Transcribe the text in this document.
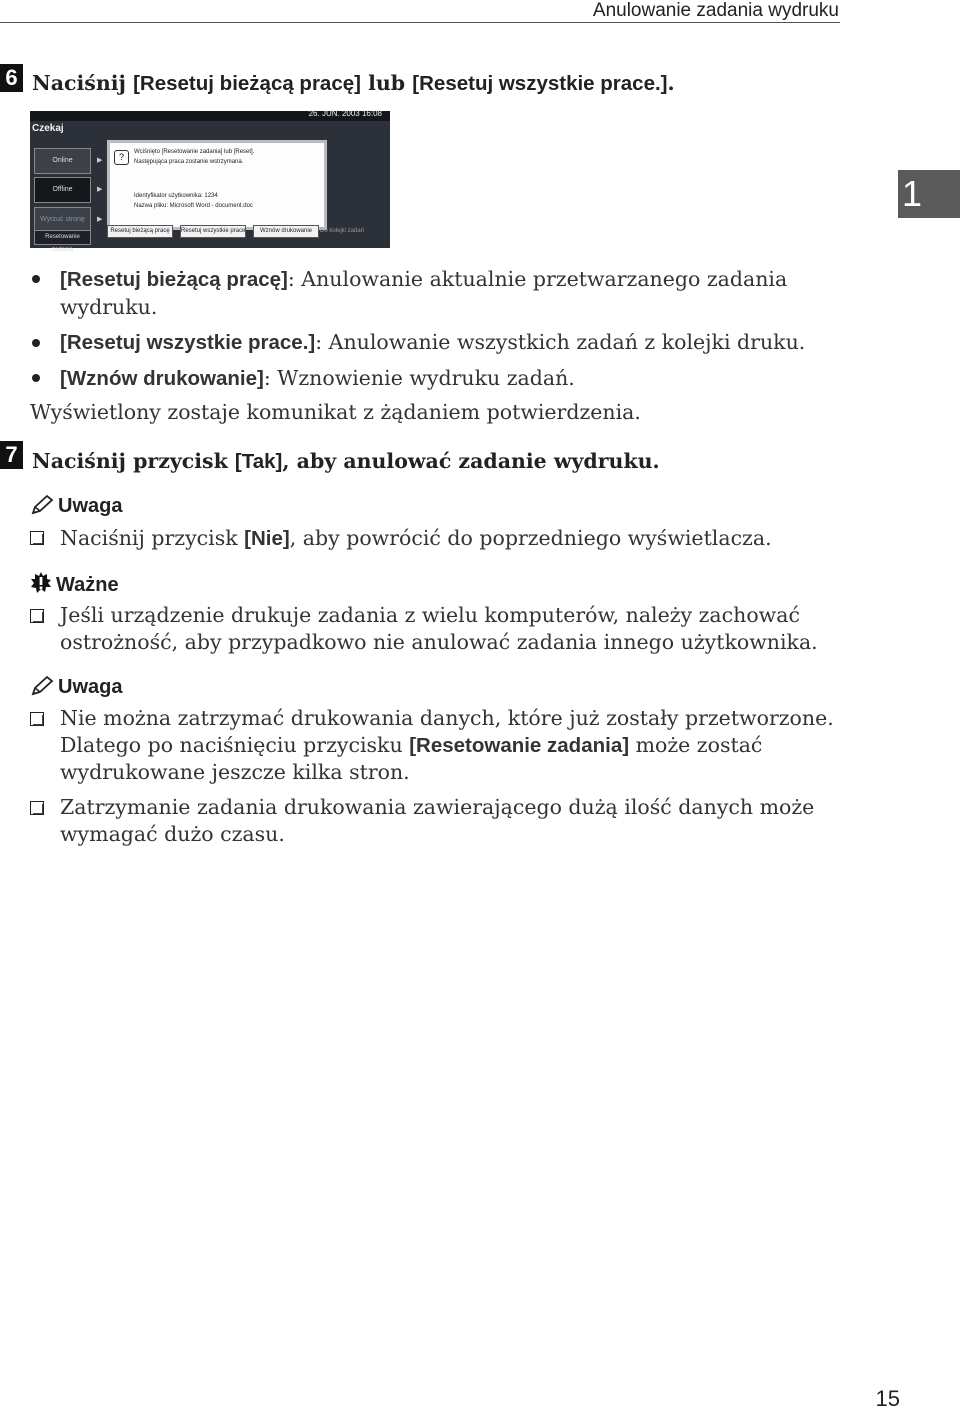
Anulowanie zadania wydruku
1
6 Naciśnij [Resetuj bieżącą pracę] lub [Resetuj wszystkie prace.].
26. JUN. 2003 16:08
Czekaj
Online
Offline
Wyrzuć stronę
▶
▶
▶
?	Wciśnięto [Resetowanie zadania] lub [Reset].
Następująca praca zostanie wstrzymana.
Identyfikator użytkownika: 1234
Nazwa pliku: Microsoft Word - document.doc
Resetuj bieżącą pracę	Resetuj wszystkie prace	Wznów drukowanie	Do kolejki zadań
Resetowanie zadania
[Resetuj bieżącą pracę]: Anulowanie aktualnie przetwarzanego zadania wydruku.
[Resetuj wszystkie prace.]: Anulowanie wszystkich zadań z kolejki druku.
[Wznów drukowanie]: Wznowienie wydruku zadań.
Wyświetlony zostaje komunikat z żądaniem potwierdzenia.
7 Naciśnij przycisk [Tak], aby anulować zadanie wydruku.
Uwaga
Naciśnij przycisk [Nie], aby powrócić do poprzedniego wyświetlacza.
Ważne
Jeśli urządzenie drukuje zadania z wielu komputerów, należy zachować ostrożność, aby przypadkowo nie anulować zadania innego użytkownika.
Uwaga
Nie można zatrzymać drukowania danych, które już zostały przetworzone. Dlatego po naciśnięciu przycisku [Resetowanie zadania] może zostać wydrukowane jeszcze kilka stron.
Zatrzymanie zadania drukowania zawierającego dużą ilość danych może wymagać dużo czasu.
15
